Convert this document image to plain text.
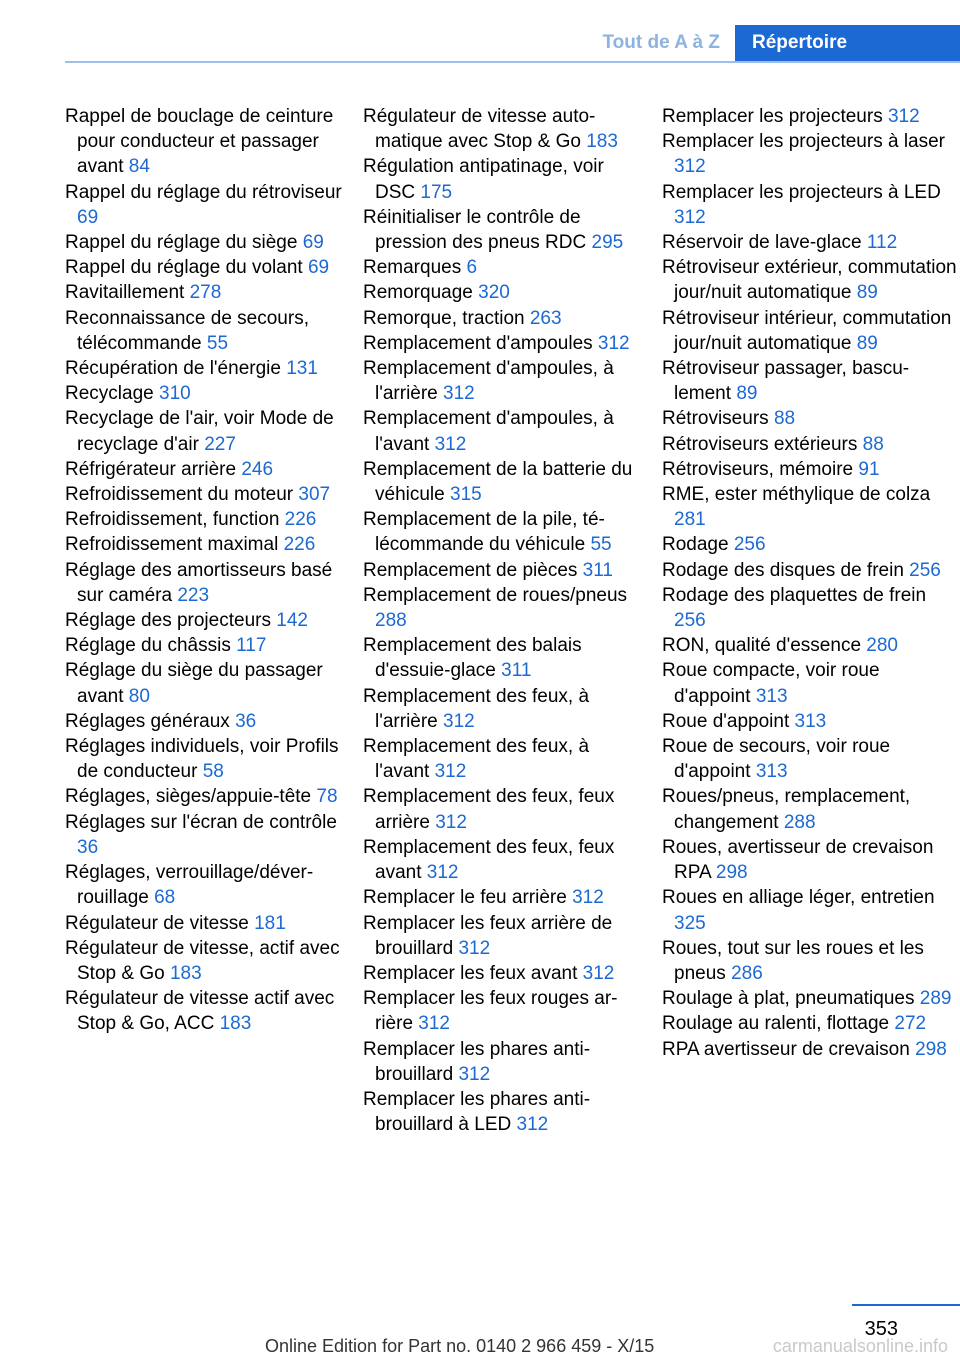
Tout de A à Z	Répertoire
Rappel de bouclage de ceinture pour conducteur et passager avant 84
Rappel du réglage du rétroviseur 69
Rappel du réglage du siège 69
Rappel du réglage du volant 69
Ravitaillement 278
Reconnaissance de secours, télécommande 55
Récupération de l'énergie 131
Recyclage 310
Recyclage de l'air, voir Mode de recyclage d'air 227
Réfrigérateur arrière 246
Refroidissement du moteur 307
Refroidissement, function 226
Refroidissement maximal 226
Réglage des amortisseurs basé sur caméra 223
Réglage des projecteurs 142
Réglage du châssis 117
Réglage du siège du passager avant 80
Réglages généraux 36
Réglages individuels, voir Profils de conducteur 58
Réglages, sièges/appuie-tête 78
Réglages sur l'écran de contrôle 36
Réglages, verrouillage/déverrouillage 68
Régulateur de vitesse 181
Régulateur de vitesse, actif avec Stop & Go 183
Régulateur de vitesse actif avec Stop & Go, ACC 183
Régulateur de vitesse automatique avec Stop & Go 183
Régulation antipatinage, voir DSC 175
Réinitialiser le contrôle de pression des pneus RDC 295
Remarques 6
Remorquage 320
Remorque, traction 263
Remplacement d'ampoules 312
Remplacement d'ampoules, à l'arrière 312
Remplacement d'ampoules, à l'avant 312
Remplacement de la batterie du véhicule 315
Remplacement de la pile, télécommande du véhicule 55
Remplacement de pièces 311
Remplacement de roues/pneus 288
Remplacement des balais d'essuie-glace 311
Remplacement des feux, à l'arrière 312
Remplacement des feux, à l'avant 312
Remplacement des feux, feux arrière 312
Remplacement des feux, feux avant 312
Remplacer le feu arrière 312
Remplacer les feux arrière de brouillard 312
Remplacer les feux avant 312
Remplacer les feux rouges arrière 312
Remplacer les phares antibrouillard 312
Remplacer les phares antibrouillard à LED 312
Remplacer les projecteurs 312
Remplacer les projecteurs à laser 312
Remplacer les projecteurs à LED 312
Réservoir de lave-glace 112
Rétroviseur extérieur, commutation jour/nuit automatique 89
Rétroviseur intérieur, commutation jour/nuit automatique 89
Rétroviseur passager, basculement 89
Rétroviseurs 88
Rétroviseurs extérieurs 88
Rétroviseurs, mémoire 91
RME, ester méthylique de colza 281
Rodage 256
Rodage des disques de frein 256
Rodage des plaquettes de frein 256
RON, qualité d'essence 280
Roue compacte, voir roue d'appoint 313
Roue d'appoint 313
Roue de secours, voir roue d'appoint 313
Roues/pneus, remplacement, changement 288
Roues, avertisseur de crevaison RPA 298
Roues en alliage léger, entretien 325
Roues, tout sur les roues et les pneus 286
Roulage à plat, pneumatiques 289
Roulage au ralenti, flottage 272
RPA avertisseur de crevaison 298
353
Online Edition for Part no. 0140 2 966 459 - X/15	carmanualsonline.info
